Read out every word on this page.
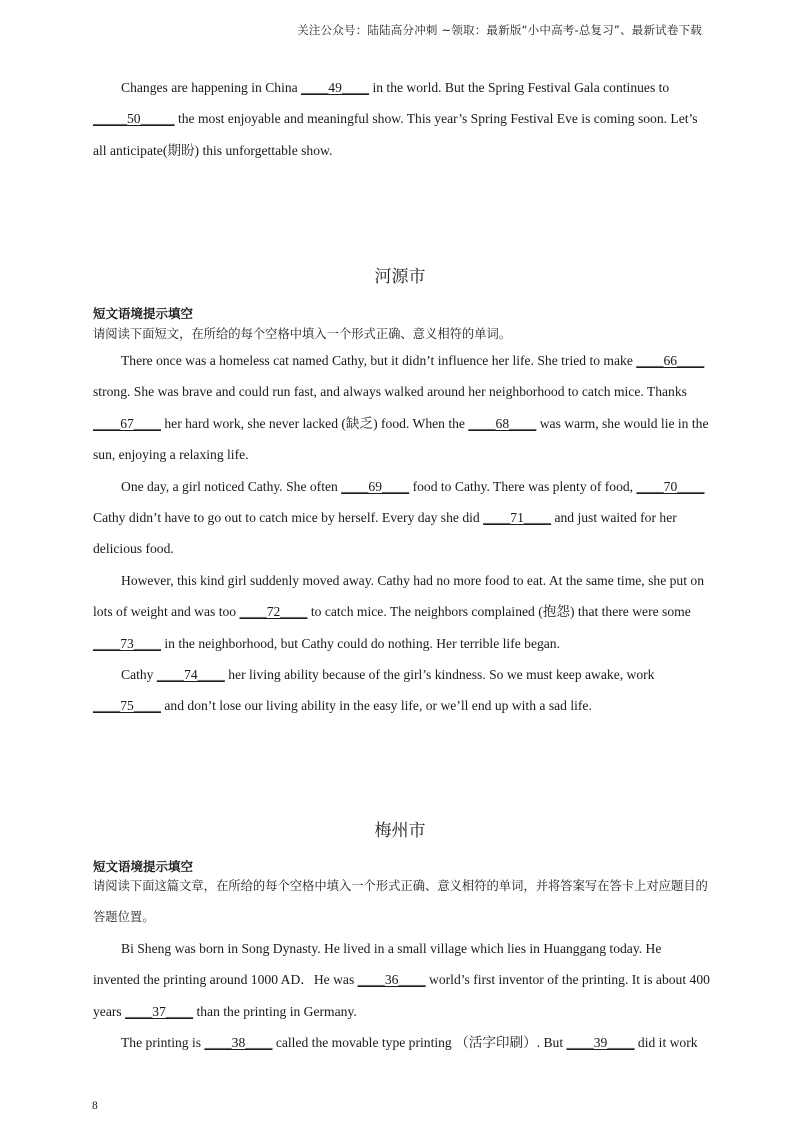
关注公众号：陆陆高分冲刺 ~领取：最新版“小中高考-总复习”、最新试卷下载

Changes are happening in China ____49____ in the world. But the Spring Festival Gala continues to _____50_____ the most enjoyable and meaningful show. This year’s Spring Festival Eve is coming soon. Let’s all anticipate(期盼) this unforgettable show.

河源市

短文语境提示填空

请阅读下面短文，在所给的每个空格中填入一个形式正确、意义相符的单词。

There once was a homeless cat named Cathy, but it didn’t influence her life. She tried to make ____66____ strong. She was brave and could run fast, and always walked around her neighborhood to catch mice. Thanks ____67____ her hard work, she never lacked (缺乏) food. When the ____68____ was warm, she would lie in the sun, enjoying a relaxing life.

One day, a girl noticed Cathy. She often ____69____ food to Cathy. There was plenty of food, ____70____ Cathy didn’t have to go out to catch mice by herself. Every day she did ____71____ and just waited for her delicious food.

However, this kind girl suddenly moved away. Cathy had no more food to eat. At the same time, she put on lots of weight and was too ____72____ to catch mice. The neighbors complained (抱怨) that there were some ____73____ in the neighborhood, but Cathy could do nothing. Her terrible life began.

Cathy ____74____ her living ability because of the girl’s kindness. So we must keep awake, work ____75____ and don’t lose our living ability in the easy life, or we’ll end up with a sad life.

梅州市

短文语境提示填空

请阅读下面这篇文章，在所给的每个空格中填入一个形式正确、意义相符的单词，并将答案写在答卡上对应题目的答题位置。

Bi Sheng was born in Song Dynasty. He lived in a small village which lies in Huanggang today. He invented the printing around 1000 AD．He was ____36____ world’s first inventor of the printing. It is about 400 years ____37____ than the printing in Germany.

The printing is ____38____ called the movable type printing （活字印刷）. But ____39____ did it work

8
